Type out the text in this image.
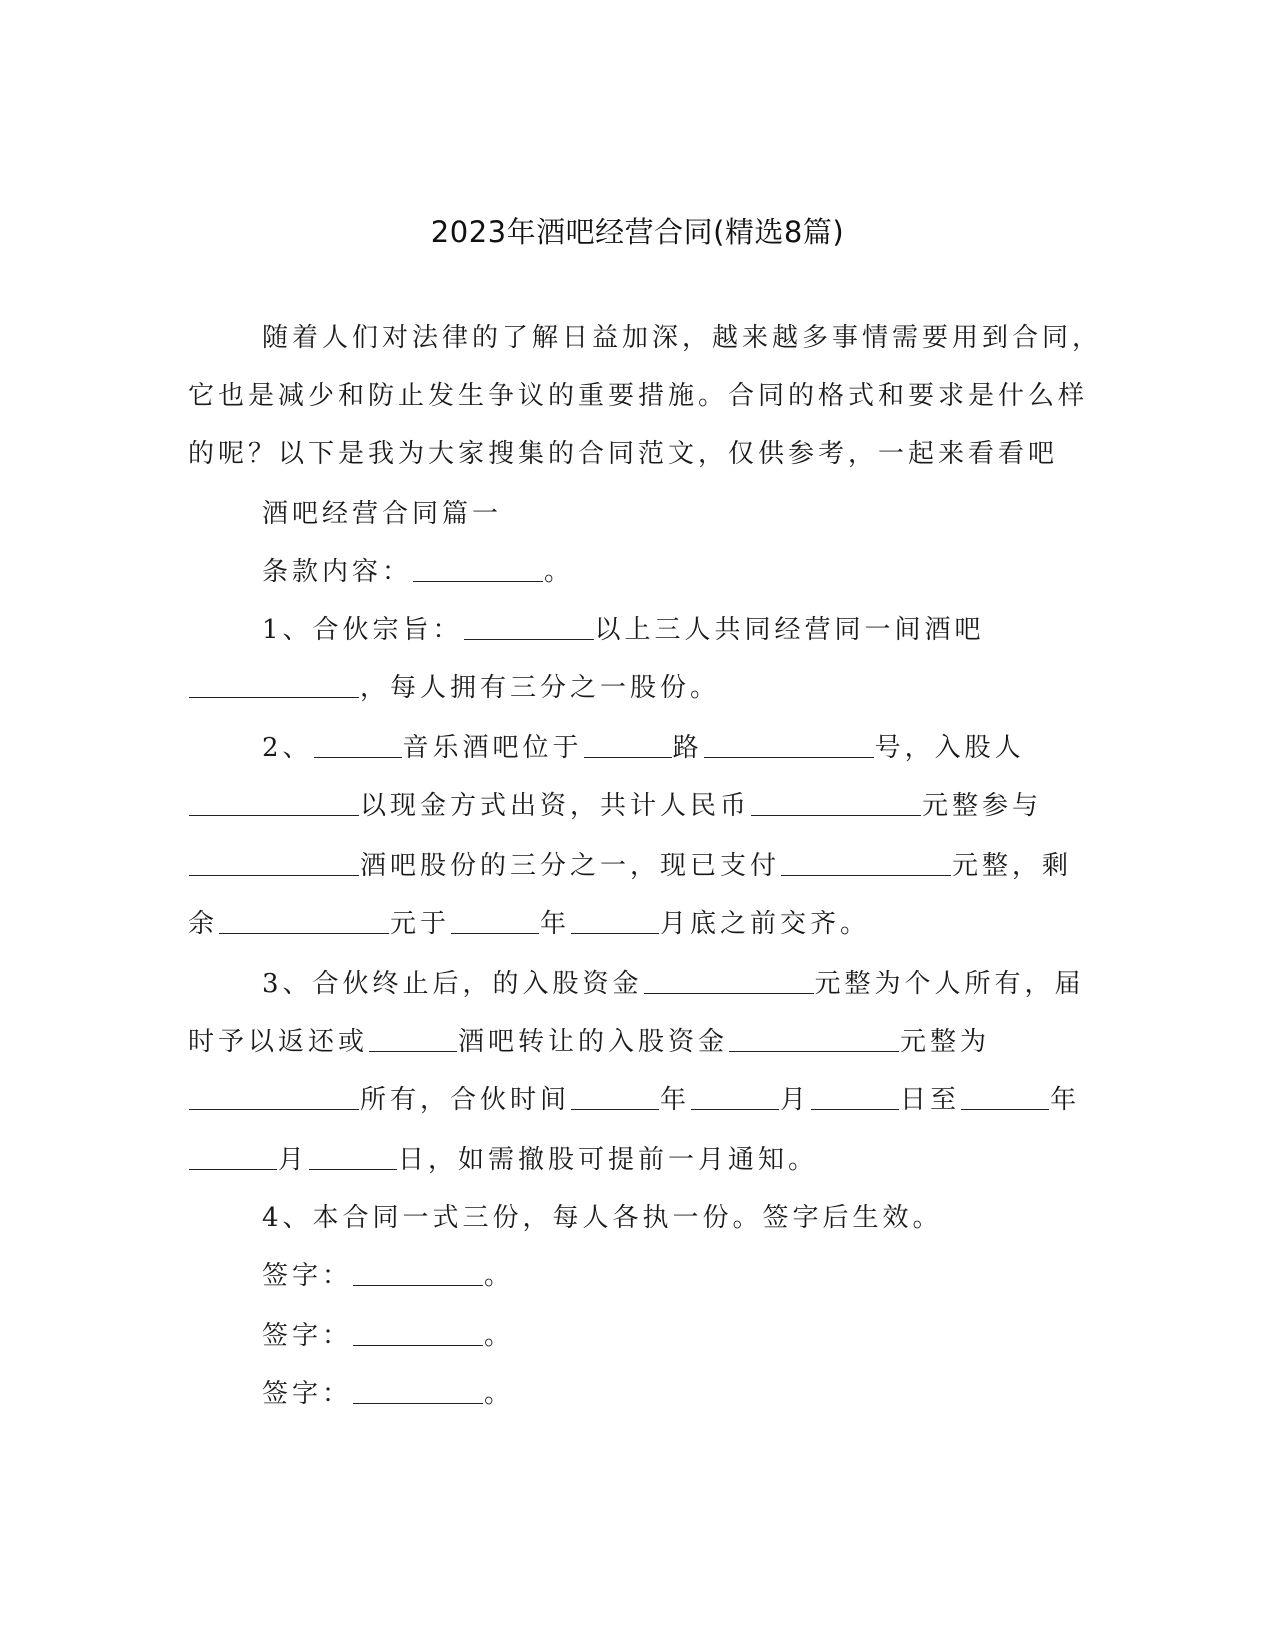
2023年酒吧经营合同(精选8篇)
随着人们对法律的了解日益加深，越来越多事情需要用到合同，
它也是减少和防止发生争议的重要措施。合同的格式和要求是什么样
的呢？以下是我为大家搜集的合同范文，仅供参考，一起来看看吧
酒吧经营合同篇一
条款内容：	。
1、合伙宗旨：	以上三人共同经营同一间酒吧
，每人拥有三分之一股份。
2、	音乐酒吧位于	路	号，入股人
以现金方式出资，共计人民币	元整参与
酒吧股份的三分之一，现已支付	元整，剩
余	元于	年	月底之前交齐。
3、合伙终止后，的入股资金	元整为个人所有，届
时予以返还或	酒吧转让的入股资金	元整为
所有，合伙时间	年	月	日至	年
月	日，如需撤股可提前一月通知。
4、本合同一式三份，每人各执一份。签字后生效。
签字：	。
签字：	。
签字：	。
